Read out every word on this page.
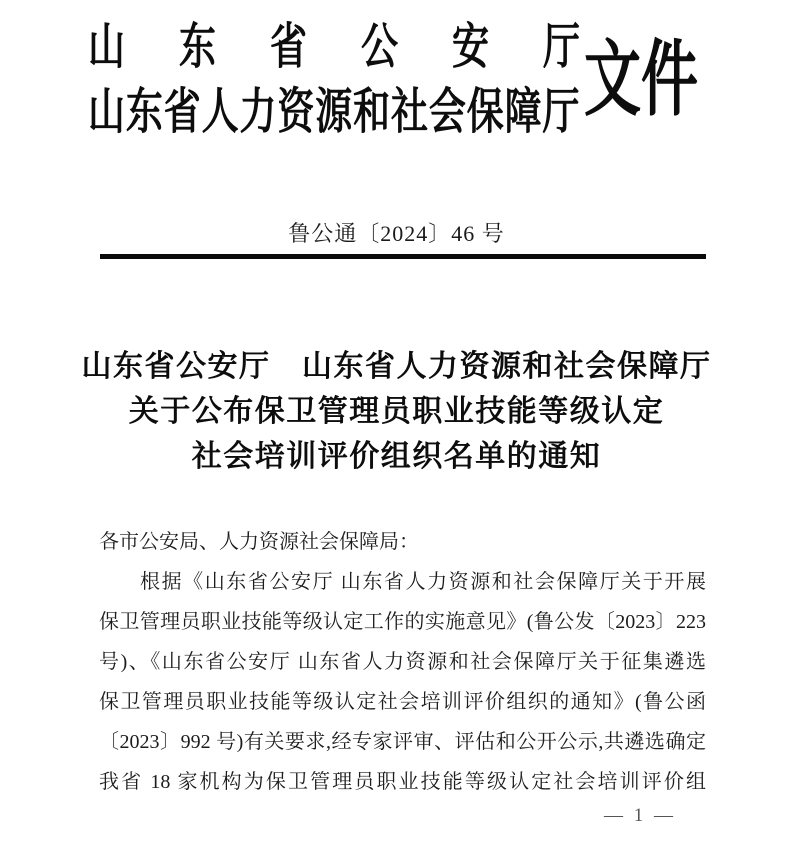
山东省公安厅
山东省人力资源和社会保障厅 文件
鲁公通〔2024〕46 号
山东省公安厅　山东省人力资源和社会保障厅
关于公布保卫管理员职业技能等级认定
社会培训评价组织名单的通知
各市公安局、人力资源社会保障局：
根据《山东省公安厅 山东省人力资源和社会保障厅关于开展
保卫管理员职业技能等级认定工作的实施意见》(鲁公发〔2023〕223
号)、《山东省公安厅 山东省人力资源和社会保障厅关于征集遴选
保卫管理员职业技能等级认定社会培训评价组织的通知》(鲁公函
〔2023〕992 号)有关要求,经专家评审、评估和公开公示,共遴选确定
我省 18 家机构为保卫管理员职业技能等级认定社会培训评价组
— 1 —
